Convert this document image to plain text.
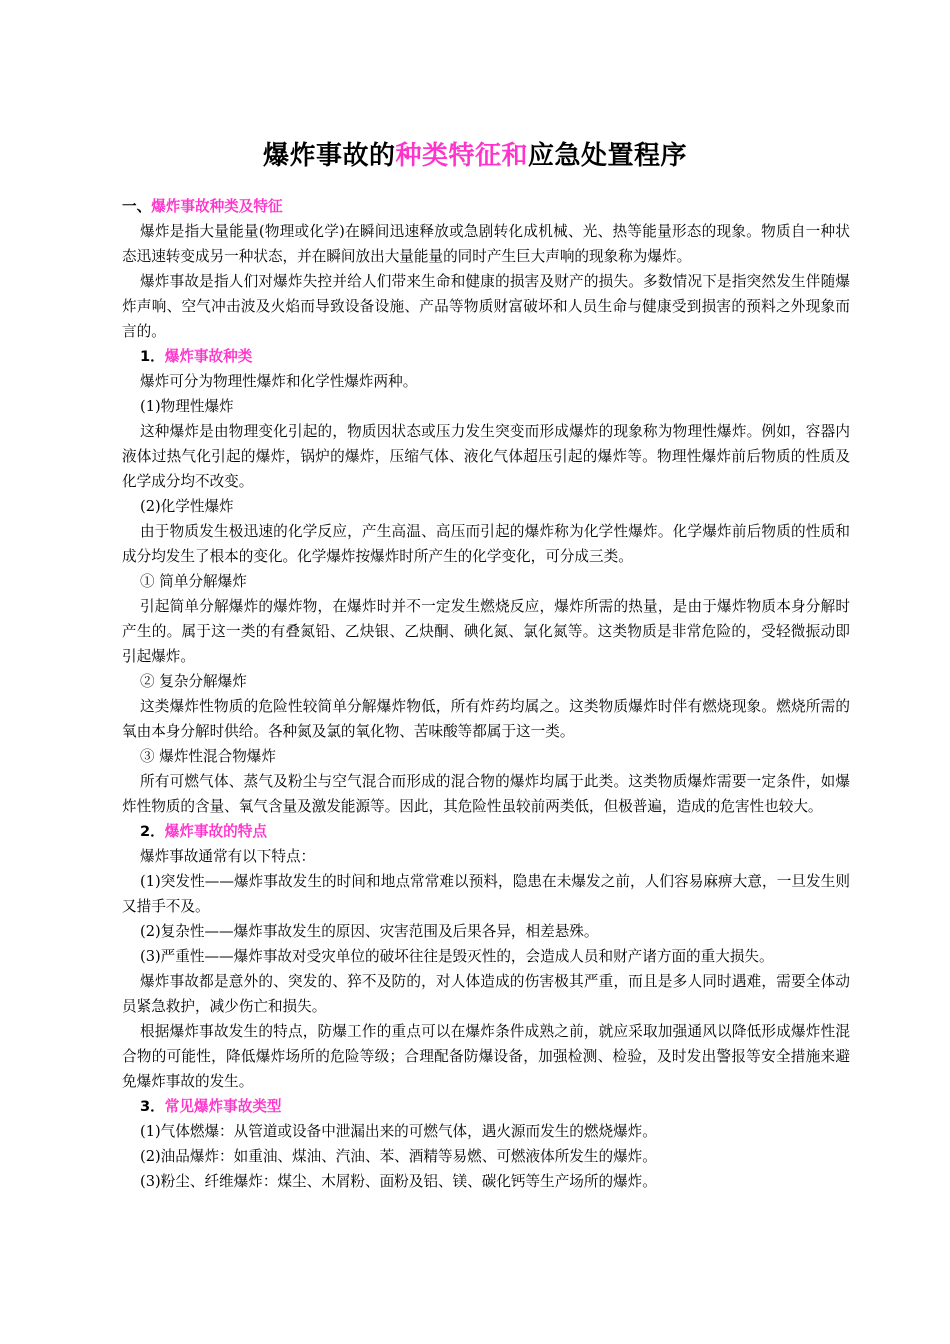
爆炸事故的种类特征和应急处置程序

一、爆炸事故种类及特征

爆炸是指大量能量(物理或化学)在瞬间迅速释放或急剧转化成机械、光、热等能量形态的现象。物质自一种状态迅速转变成另一种状态，并在瞬间放出大量能量的同时产生巨大声响的现象称为爆炸。

爆炸事故是指人们对爆炸失控并给人们带来生命和健康的损害及财产的损失。多数情况下是指突然发生伴随爆炸声响、空气冲击波及火焰而导致设备设施、产品等物质财富破坏和人员生命与健康受到损害的预料之外现象而言的。

1．爆炸事故种类

爆炸可分为物理性爆炸和化学性爆炸两种。

(1)物理性爆炸

这种爆炸是由物理变化引起的，物质因状态或压力发生突变而形成爆炸的现象称为物理性爆炸。例如，容器内液体过热气化引起的爆炸，锅炉的爆炸，压缩气体、液化气体超压引起的爆炸等。物理性爆炸前后物质的性质及化学成分均不改变。

(2)化学性爆炸

由于物质发生极迅速的化学反应，产生高温、高压而引起的爆炸称为化学性爆炸。化学爆炸前后物质的性质和成分均发生了根本的变化。化学爆炸按爆炸时所产生的化学变化，可分成三类。

① 简单分解爆炸

引起简单分解爆炸的爆炸物，在爆炸时并不一定发生燃烧反应，爆炸所需的热量，是由于爆炸物质本身分解时产生的。属于这一类的有叠氮铅、乙炔银、乙炔酮、碘化氮、氯化氮等。这类物质是非常危险的，受轻微振动即引起爆炸。

② 复杂分解爆炸

这类爆炸性物质的危险性较简单分解爆炸物低，所有炸药均属之。这类物质爆炸时伴有燃烧现象。燃烧所需的氧由本身分解时供给。各种氮及氯的氧化物、苦味酸等都属于这一类。

③ 爆炸性混合物爆炸

所有可燃气体、蒸气及粉尘与空气混合而形成的混合物的爆炸均属于此类。这类物质爆炸需要一定条件，如爆炸性物质的含量、氧气含量及激发能源等。因此，其危险性虽较前两类低，但极普遍，造成的危害性也较大。

2．爆炸事故的特点

爆炸事故通常有以下特点：

(1)突发性——爆炸事故发生的时间和地点常常难以预料，隐患在未爆发之前，人们容易麻痹大意，一旦发生则又措手不及。

(2)复杂性——爆炸事故发生的原因、灾害范围及后果各异，相差悬殊。

(3)严重性——爆炸事故对受灾单位的破坏往往是毁灭性的，会造成人员和财产诸方面的重大损失。

爆炸事故都是意外的、突发的、猝不及防的，对人体造成的伤害极其严重，而且是多人同时遇难，需要全体动员紧急救护，减少伤亡和损失。

根据爆炸事故发生的特点，防爆工作的重点可以在爆炸条件成熟之前，就应采取加强通风以降低形成爆炸性混合物的可能性，降低爆炸场所的危险等级；合理配备防爆设备，加强检测、检验，及时发出警报等安全措施来避免爆炸事故的发生。

3．常见爆炸事故类型

(1)气体燃爆：从管道或设备中泄漏出来的可燃气体，遇火源而发生的燃烧爆炸。

(2)油品爆炸：如重油、煤油、汽油、苯、酒精等易燃、可燃液体所发生的爆炸。

(3)粉尘、纤维爆炸：煤尘、木屑粉、面粉及铝、镁、碳化钙等生产场所的爆炸。
